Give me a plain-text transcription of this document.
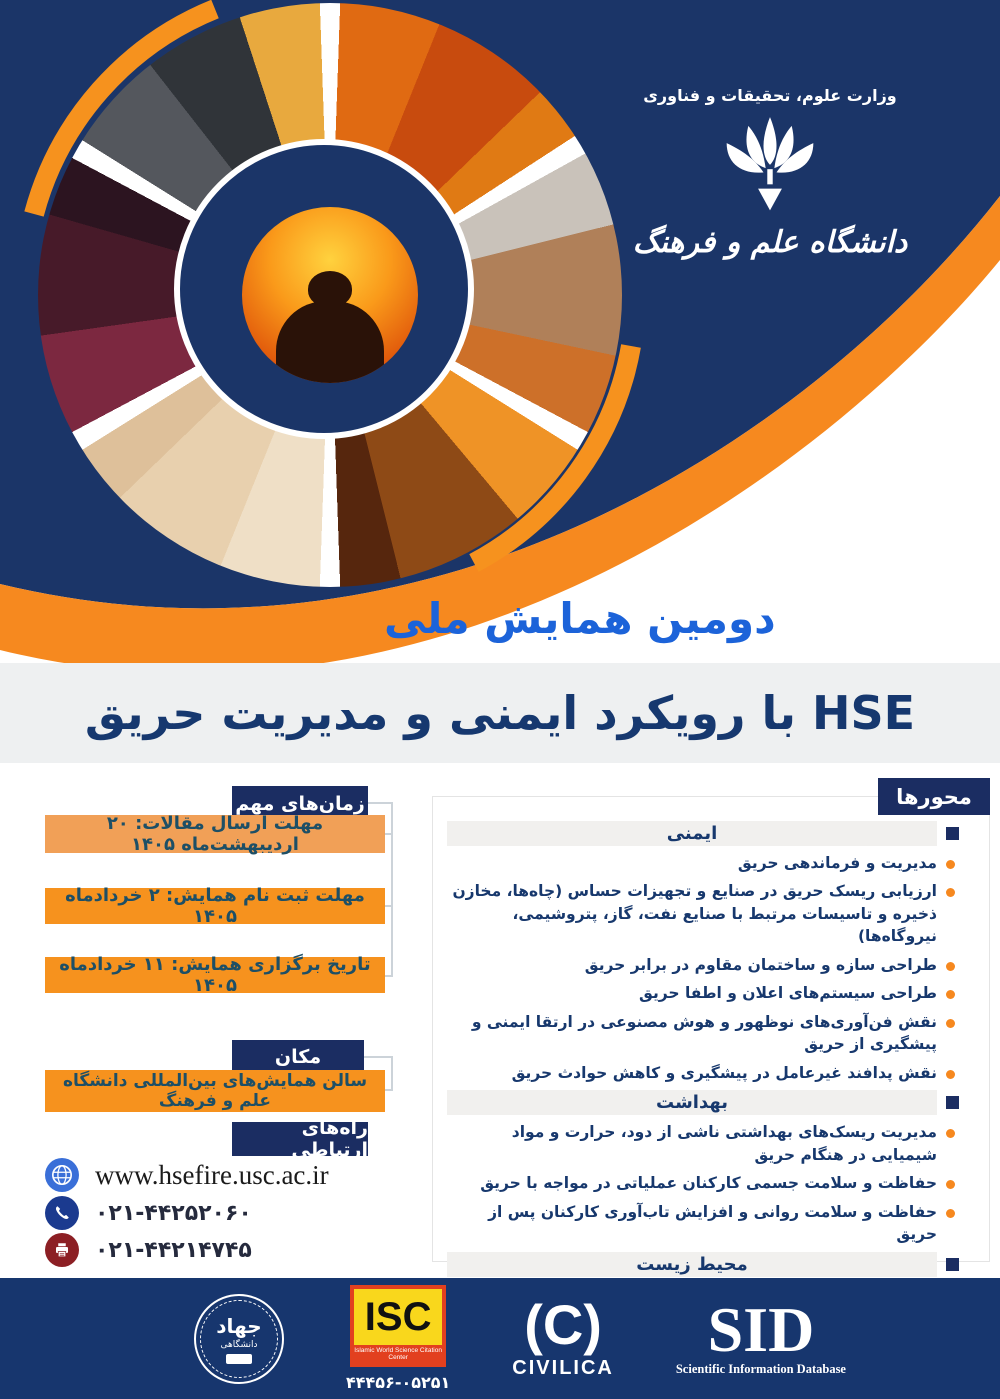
وزارت علوم، تحقیقات و فناوری
دانشگاه علم و فرهنگ
دومین همایش ملی
HSE با رویکرد ایمنی و مدیریت حریق
زمان‌های مهم
مهلت ارسال مقالات: ۲۰ اردیبهشت‌ماه ۱۴۰۵
مهلت ثبت نام همایش: ۲ خردادماه ۱۴۰۵
تاریخ برگزاری همایش: ۱۱ خردادماه ۱۴۰۵
مکان
سالن همایش‌های بین‌المللی دانشگاه علم و فرهنگ
راه‌های ارتباطی
www.hsefire.usc.ac.ir
۰۲۱-۴۴۲۵۲۰۶۰
۰۲۱-۴۴۲۱۴۷۴۵
ایمنی
مدیریت و فرماندهی حریق
ارزیابی ریسک حریق در صنایع و تجهیزات حساس (چاه‌ها، مخازن ذخیره و تاسیسات مرتبط با صنایع نفت، گاز، پتروشیمی، نیروگاه‌ها)
طراحی سازه و ساختمان مقاوم در برابر حریق
طراحی سیستم‌های اعلان و اطفا حریق
نقش فن‌آوری‌های نوظهور و هوش مصنوعی در ارتقا ایمنی و پیشگیری از حریق
نقش پدافند غیرعامل در پیشگیری و کاهش حوادث حریق
بهداشت
مدیریت ریسک‌های بهداشتی ناشی از دود، حرارت و مواد شیمیایی در هنگام حریق
حفاظت و سلامت جسمی کارکنان عملیاتی در مواجه با حریق
حفاظت و سلامت روانی و افزایش تاب‌آوری کارکنان پس از حریق
محیط زیست
محورها
جهاد
دانشگاهی
ISC
Islamic World Science Citation Center
۴۴۴۵۶-۰۵۲۵۱
(C)
CIVILICA
SID
Scientific Information Database
